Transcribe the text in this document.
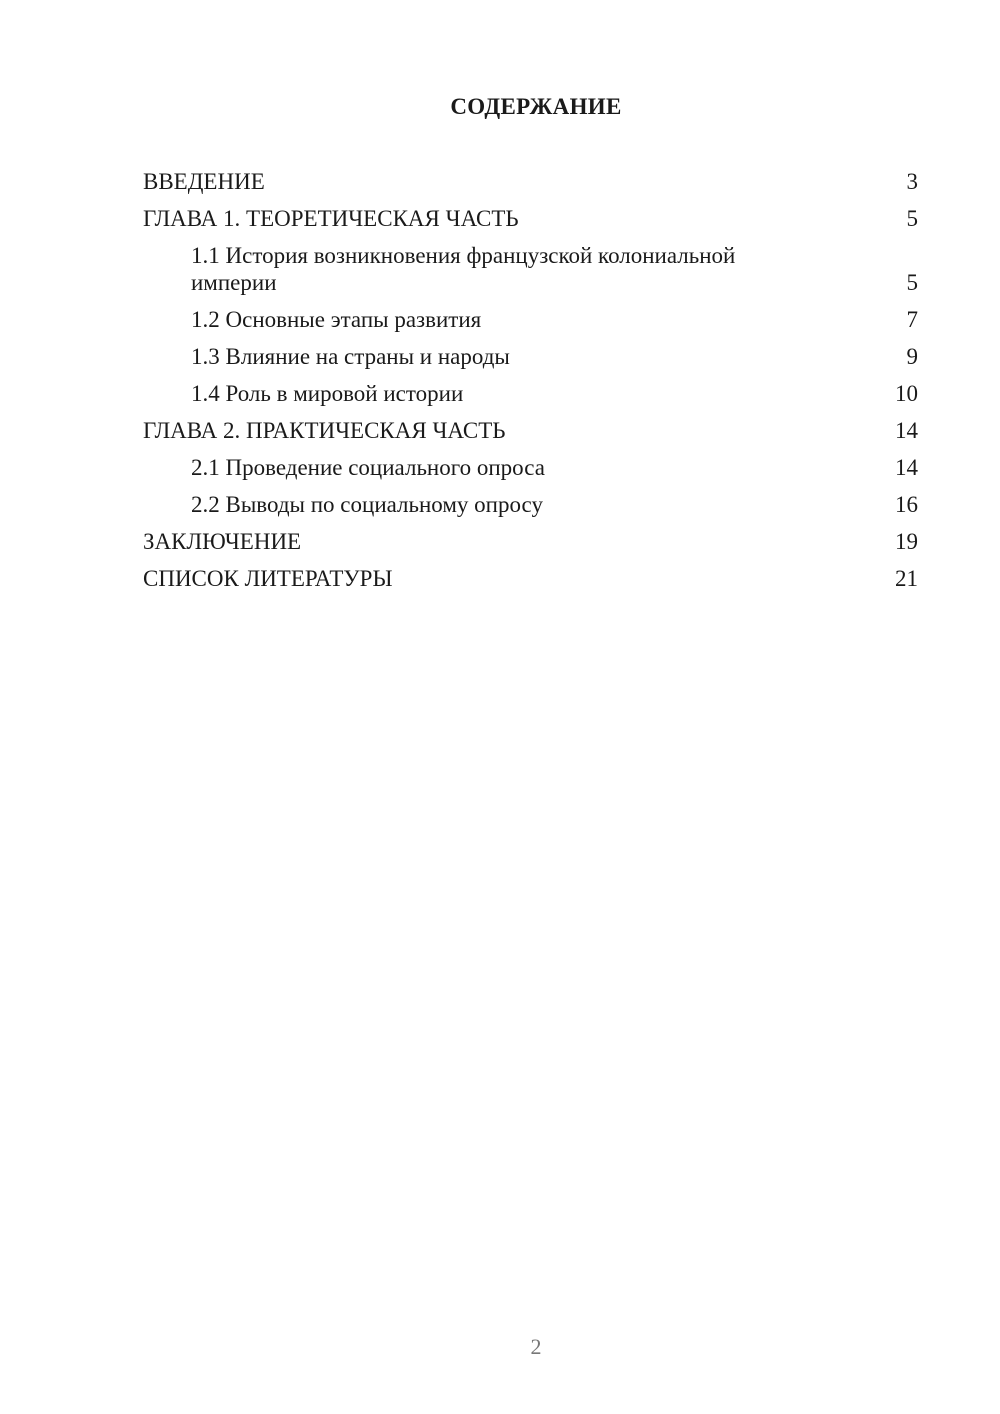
СОДЕРЖАНИЕ
ВВЕДЕНИЕ	3
ГЛАВА 1. ТЕОРЕТИЧЕСКАЯ ЧАСТЬ	5
1.1 История возникновения французской колониальной империи	5
1.2 Основные этапы развития	7
1.3 Влияние на страны и народы	9
1.4 Роль в мировой истории	10
ГЛАВА 2. ПРАКТИЧЕСКАЯ ЧАСТЬ	14
2.1 Проведение социального опроса	14
2.2 Выводы по социальному опросу	16
ЗАКЛЮЧЕНИЕ	19
СПИСОК ЛИТЕРАТУРЫ	21
2
